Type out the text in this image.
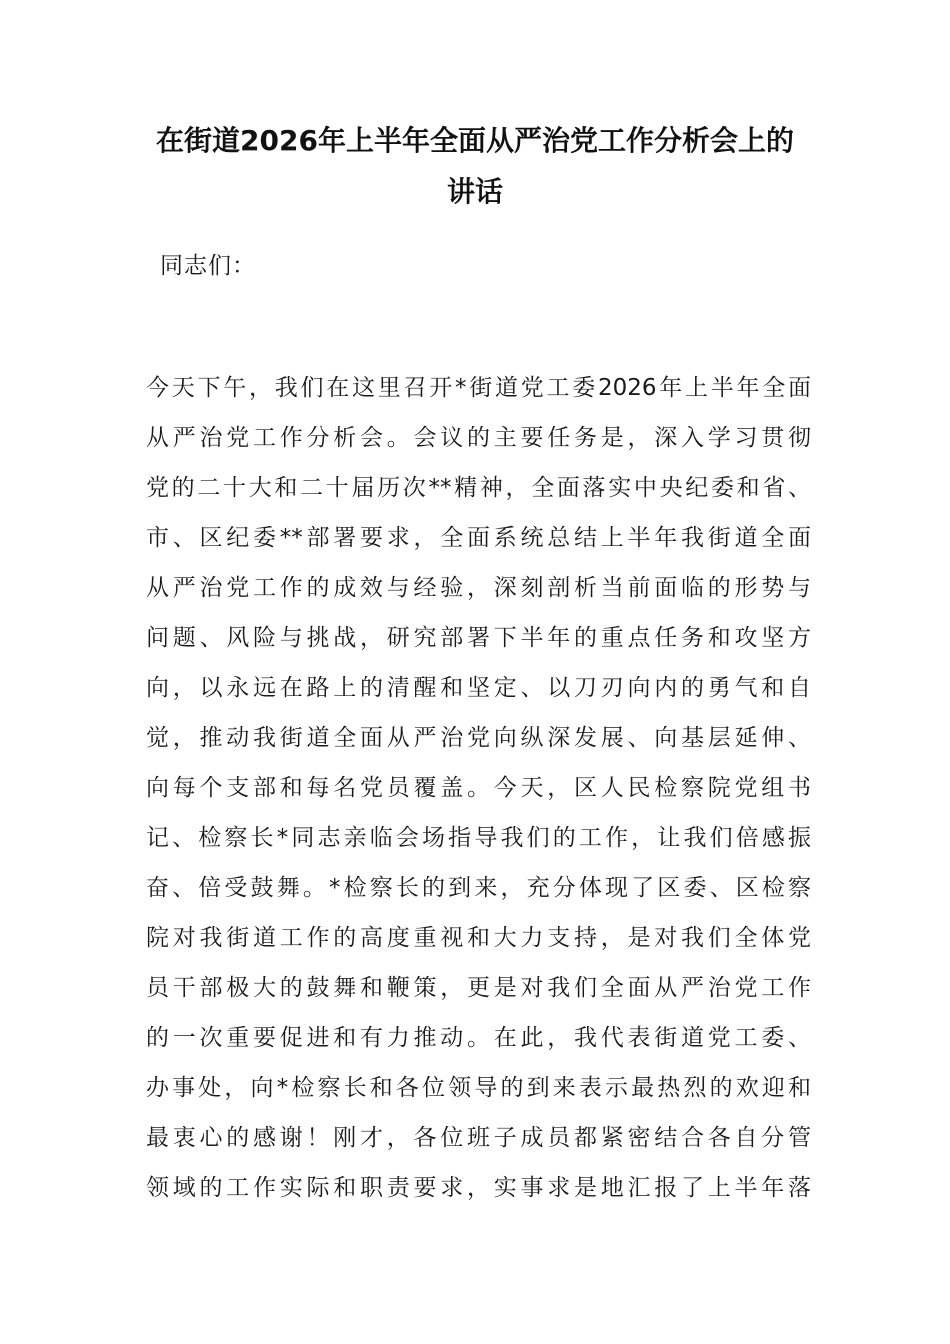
在街道2026年上半年全面从严治党工作分析会上的
讲话
同志们：
今天下午，我们在这里召开*街道党工委2026年上半年全面
从严治党工作分析会。会议的主要任务是，深入学习贯彻
党的二十大和二十届历次**精神，全面落实中央纪委和省、
市、区纪委**部署要求，全面系统总结上半年我街道全面
从严治党工作的成效与经验，深刻剖析当前面临的形势与
问题、风险与挑战，研究部署下半年的重点任务和攻坚方
向，以永远在路上的清醒和坚定、以刀刃向内的勇气和自
觉，推动我街道全面从严治党向纵深发展、向基层延伸、
向每个支部和每名党员覆盖。今天，区人民检察院党组书
记、检察长*同志亲临会场指导我们的工作，让我们倍感振
奋、倍受鼓舞。*检察长的到来，充分体现了区委、区检察
院对我街道工作的高度重视和大力支持，是对我们全体党
员干部极大的鼓舞和鞭策，更是对我们全面从严治党工作
的一次重要促进和有力推动。在此，我代表街道党工委、
办事处，向*检察长和各位领导的到来表示最热烈的欢迎和
最衷心的感谢！刚才，各位班子成员都紧密结合各自分管
领域的工作实际和职责要求，实事求是地汇报了上半年落
